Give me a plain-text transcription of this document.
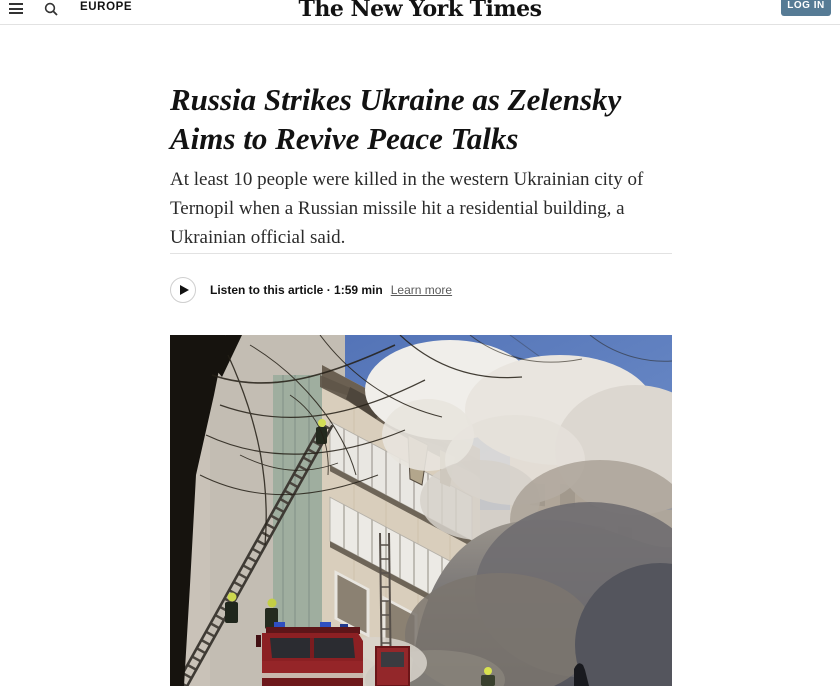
EUROPE	The New York Times	LOG IN
Russia Strikes Ukraine as Zelensky
Aims to Revive Peace Talks
At least 10 people were killed in the western Ukrainian city of
Ternopil when a Russian missile hit a residential building, a
Ukrainian official said.
Listen to this article · 1:59 min Learn more
